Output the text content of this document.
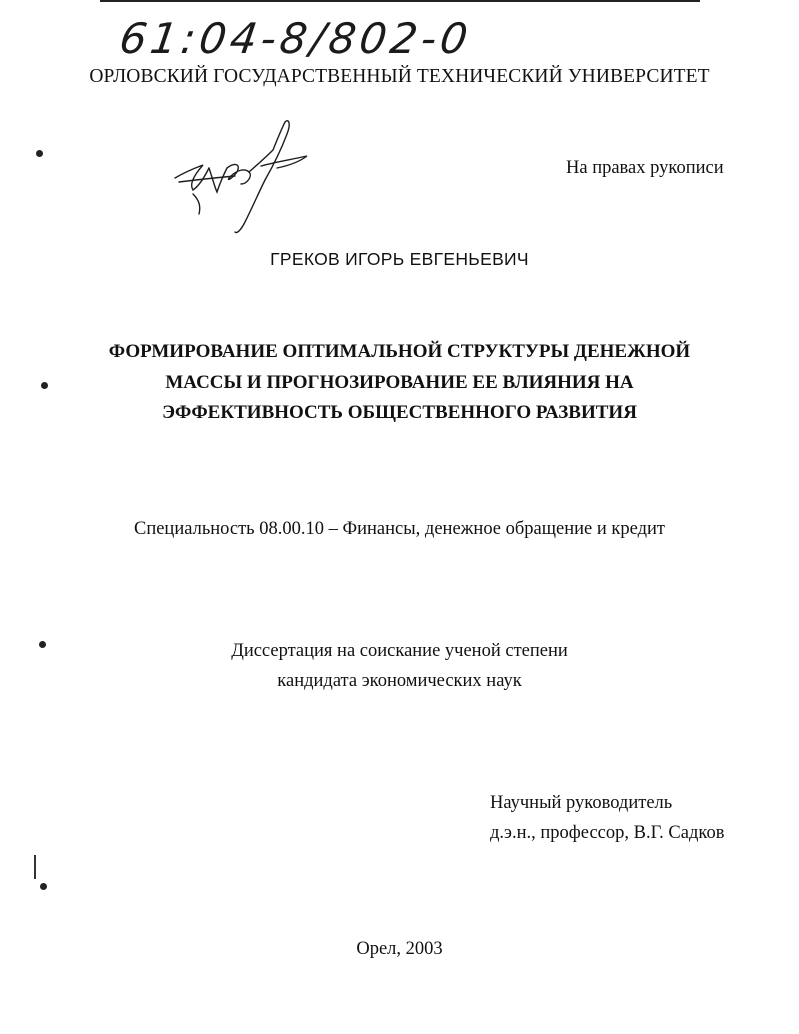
61:04-8/802-0
ОРЛОВСКИЙ ГОСУДАРСТВЕННЫЙ ТЕХНИЧЕСКИЙ УНИВЕРСИТЕТ
На правах рукописи
ГРЕКОВ ИГОРЬ ЕВГЕНЬЕВИЧ
ФОРМИРОВАНИЕ ОПТИМАЛЬНОЙ СТРУКТУРЫ ДЕНЕЖНОЙ
МАССЫ И ПРОГНОЗИРОВАНИЕ ЕЕ ВЛИЯНИЯ НА
ЭФФЕКТИВНОСТЬ ОБЩЕСТВЕННОГО РАЗВИТИЯ
Специальность 08.00.10 – Финансы, денежное обращение и кредит
Диссертация на соискание ученой степени
кандидата экономических наук
Научный руководитель
д.э.н., профессор, В.Г. Садков
Орел, 2003
